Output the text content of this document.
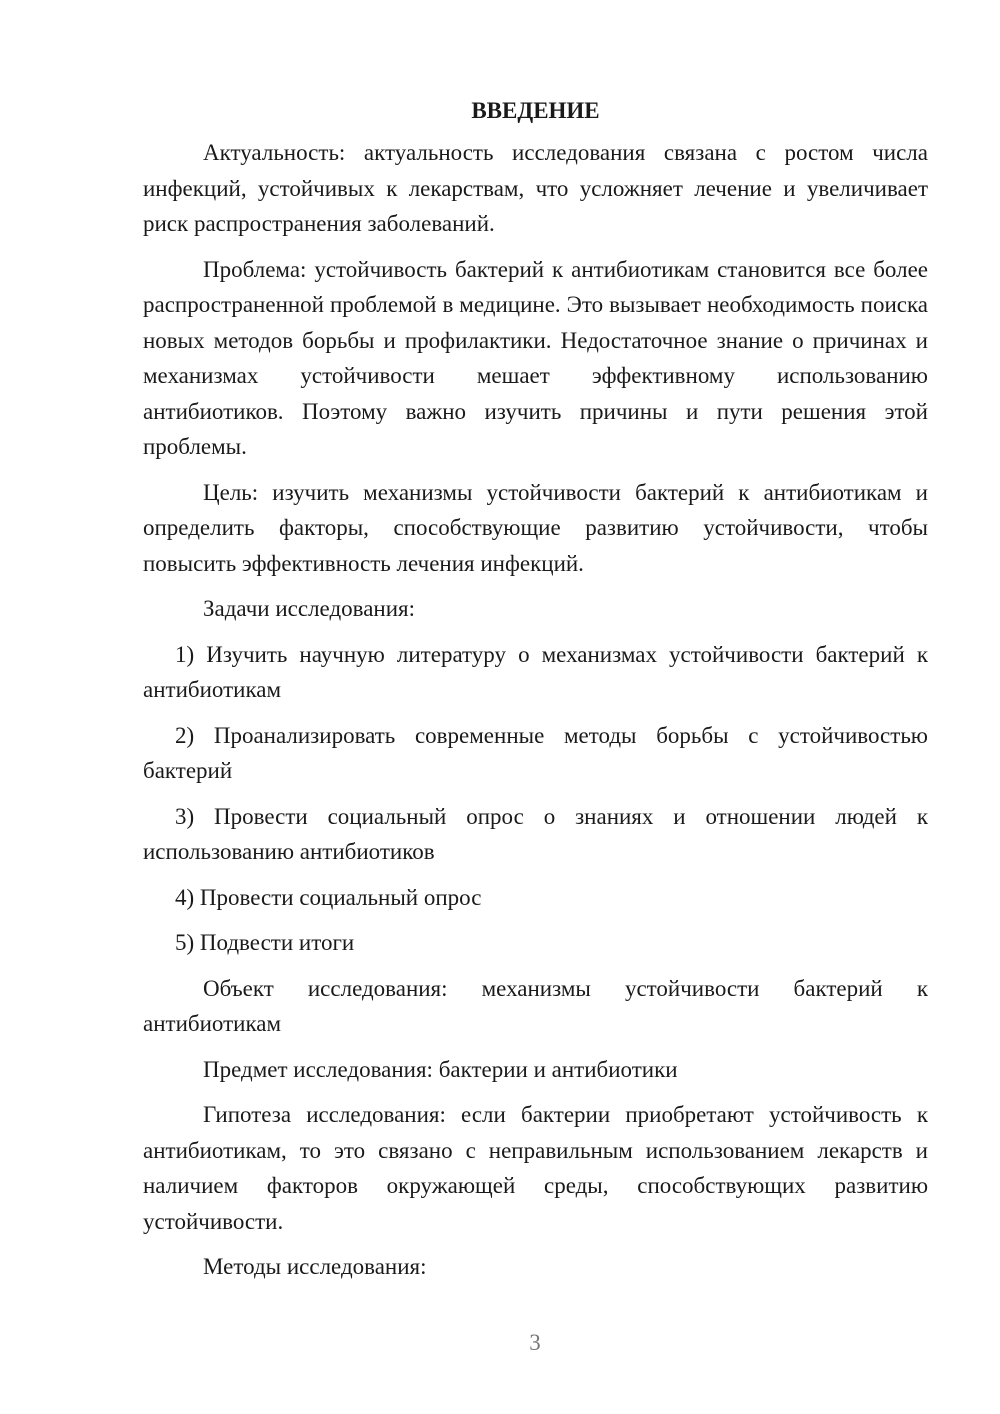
ВВЕДЕНИЕ

Актуальность: актуальность исследования связана с ростом числа инфекций, устойчивых к лекарствам, что усложняет лечение и увеличивает риск распространения заболеваний.

Проблема: устойчивость бактерий к антибиотикам становится все более распространенной проблемой в медицине. Это вызывает необходимость поиска новых методов борьбы и профилактики. Недостаточное знание о причинах и механизмах устойчивости мешает эффективному использованию антибиотиков. Поэтому важно изучить причины и пути решения этой проблемы.

Цель: изучить механизмы устойчивости бактерий к антибиотикам и определить факторы, способствующие развитию устойчивости, чтобы повысить эффективность лечения инфекций.

Задачи исследования:

1) Изучить научную литературу о механизмах устойчивости бактерий к антибиотикам

2) Проанализировать современные методы борьбы с устойчивостью бактерий

3) Провести социальный опрос о знаниях и отношении людей к использованию антибиотиков

4) Провести социальный опрос

5) Подвести итоги

Объект исследования: механизмы устойчивости бактерий к антибиотикам

Предмет исследования: бактерии и антибиотики

Гипотеза исследования: если бактерии приобретают устойчивость к антибиотикам, то это связано с неправильным использованием лекарств и наличием факторов окружающей среды, способствующих развитию устойчивости.

Методы исследования:

3
